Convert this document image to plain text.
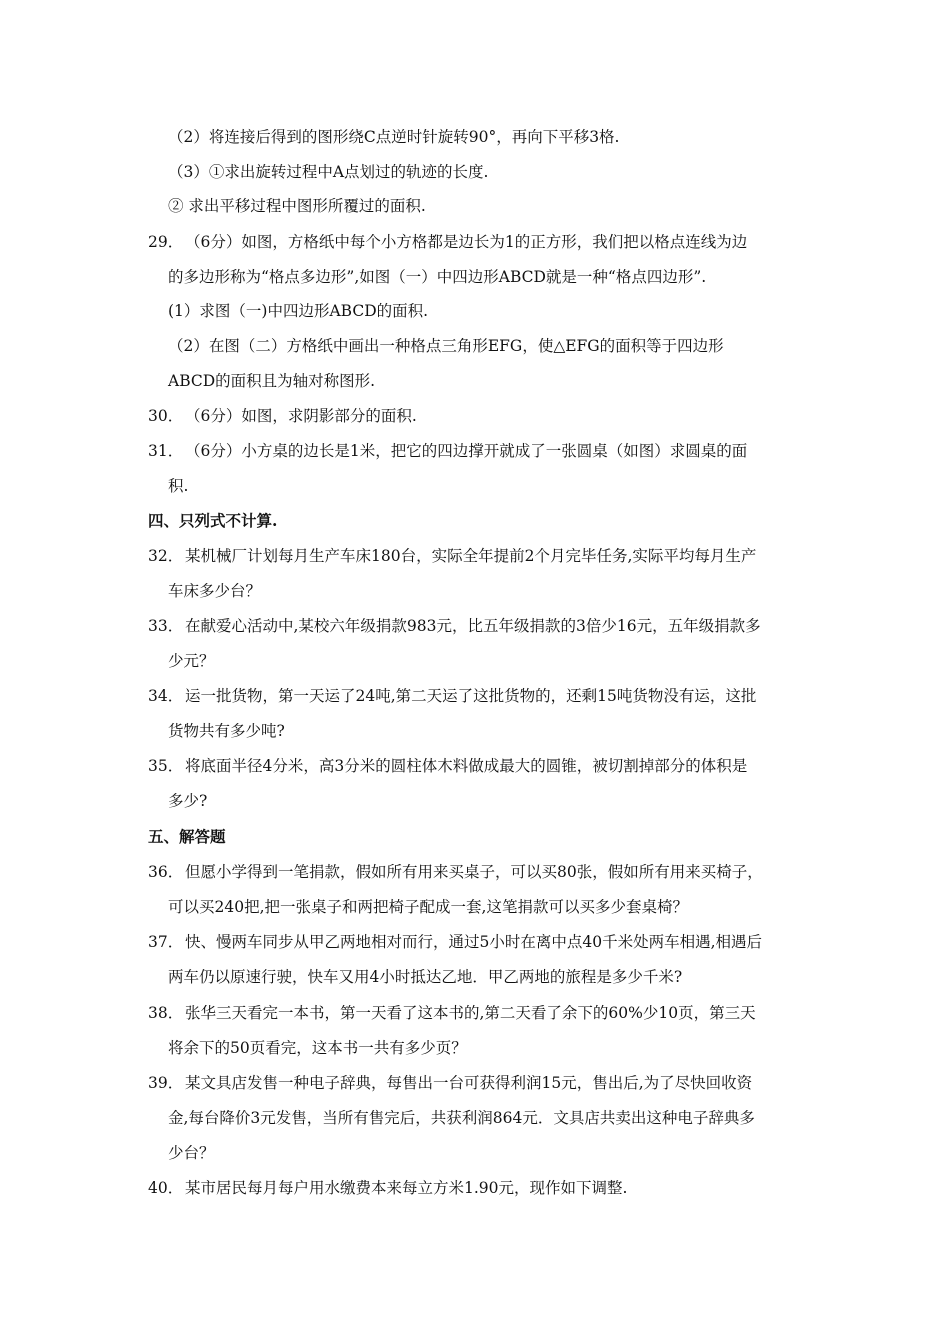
（2）将连接后得到的图形绕C点逆时针旋转90°，再向下平移3格.
（3）①求出旋转过程中A点划过的轨迹的长度.
② 求出平移过程中图形所覆过的面积.
29． （6分）如图，方格纸中每个小方格都是边长为1的正方形，我们把以格点连线为边
的多边形称为“格点多边形”,如图（一）中四边形ABCD就是一种“格点四边形”.
(1）求图（一)中四边形ABCD的面积.
（2）在图（二）方格纸中画出一种格点三角形EFG，使△EFG的面积等于四边形
ABCD的面积且为轴对称图形.
30． （6分）如图，求阴影部分的面积.
31． （6分）小方桌的边长是1米，把它的四边撑开就成了一张圆桌（如图）求圆桌的面
积.
四、只列式不计算.
32． 某机械厂计划每月生产车床180台，实际全年提前2个月完毕任务,实际平均每月生产
车床多少台？
33． 在献爱心活动中,某校六年级捐款983元，比五年级捐款的3倍少16元，五年级捐款多
少元？
34． 运一批货物，第一天运了24吨,第二天运了这批货物的，还剩15吨货物没有运，这批
货物共有多少吨?
35． 将底面半径4分米，高3分米的圆柱体木料做成最大的圆锥，被切割掉部分的体积是
多少?
五、解答题
36． 但愿小学得到一笔捐款，假如所有用来买桌子，可以买80张，假如所有用来买椅子，
可以买240把,把一张桌子和两把椅子配成一套,这笔捐款可以买多少套桌椅？
37． 快、慢两车同步从甲乙两地相对而行，通过5小时在离中点40千米处两车相遇,相遇后
两车仍以原速行驶，快车又用4小时抵达乙地．甲乙两地的旅程是多少千米?
38． 张华三天看完一本书，第一天看了这本书的,第二天看了余下的60%少10页，第三天
将余下的50页看完，这本书一共有多少页？
39． 某文具店发售一种电子辞典，每售出一台可获得利润15元，售出后,为了尽快回收资
金,每台降价3元发售，当所有售完后，共获利润864元．文具店共卖出这种电子辞典多
少台？
40． 某市居民每月每户用水缴费本来每立方米1.90元，现作如下调整.
